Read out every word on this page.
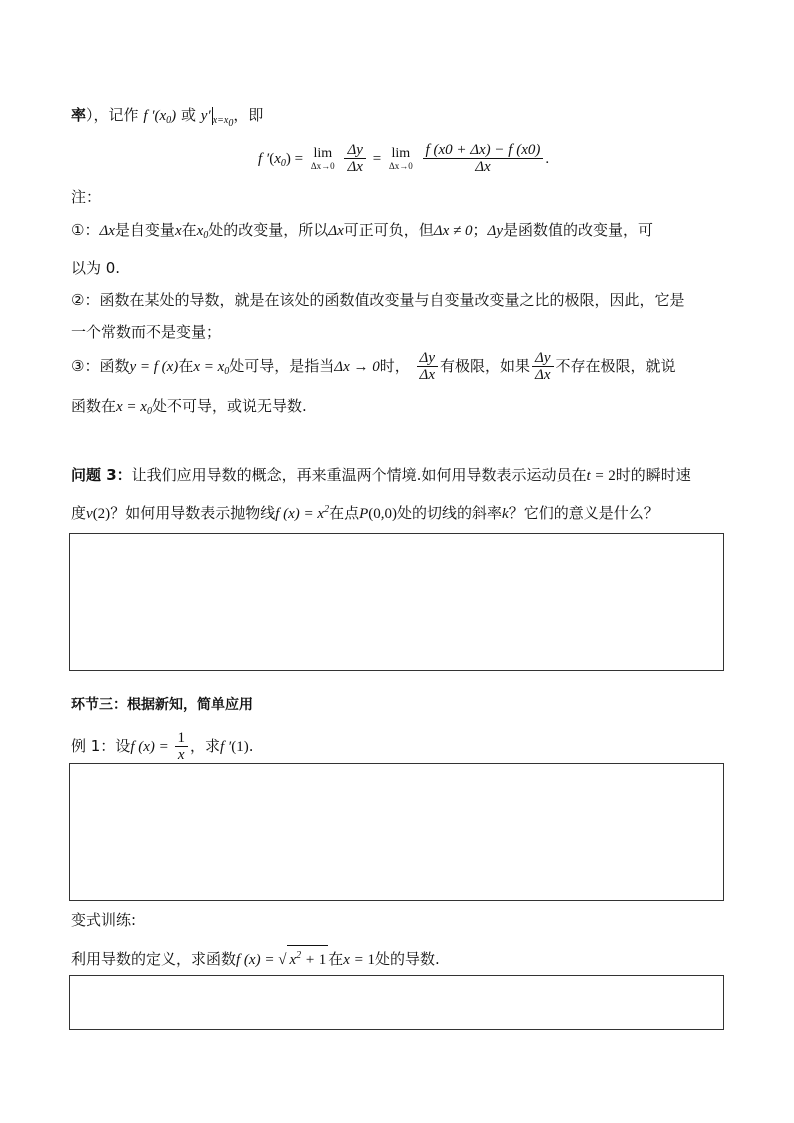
率），记作 f $'(x_0)$ 或 y′ $_{x=x_0}$，即
f $'(x_0) = \lim$
Δx→0
$\frac{\Delta y}{\Delta x} = \lim$
Δx→0
$\frac{f (x0 + \Delta x) - f (x0)}{\Delta x}$ .
注：
①：Δx是自变量x在$x_0$处的改变量，所以Δx可正可负，但Δx ≠ 0；Δy是函数值的改变量，可
以为 0.
②：函数在某处的导数，就是在该处的函数值改变量与自变量改变量之比的极限，因此，它是
一个常数而不是变量；
③：函数y = f (x)在$x = x_0$处可导，是指当Δx → 0时， $\frac{\Delta y}{\Delta x}$ 有极限，如果 $\frac{\Delta y}{\Delta x}$ 不存在极限，就说
函数在$x = x_0$处不可导，或说无导数.
问题 3：让我们应用导数的概念，再来重温两个情境.如何用导数表示运动员在t = 2时的瞬时速
度v(2)？如何用导数表示抛物线f $(x) = x^2$在点P(0,0)处的切线的斜率k？它们的意义是什么？
环节三：根据新知，简单应用
例 1：设f $(x) = \frac{1}{x}$ ，求f ′(1).
变式训练:
利用导数的定义，求函数f (x) = √ $x^2 + 1$ 在x = 1处的导数.
